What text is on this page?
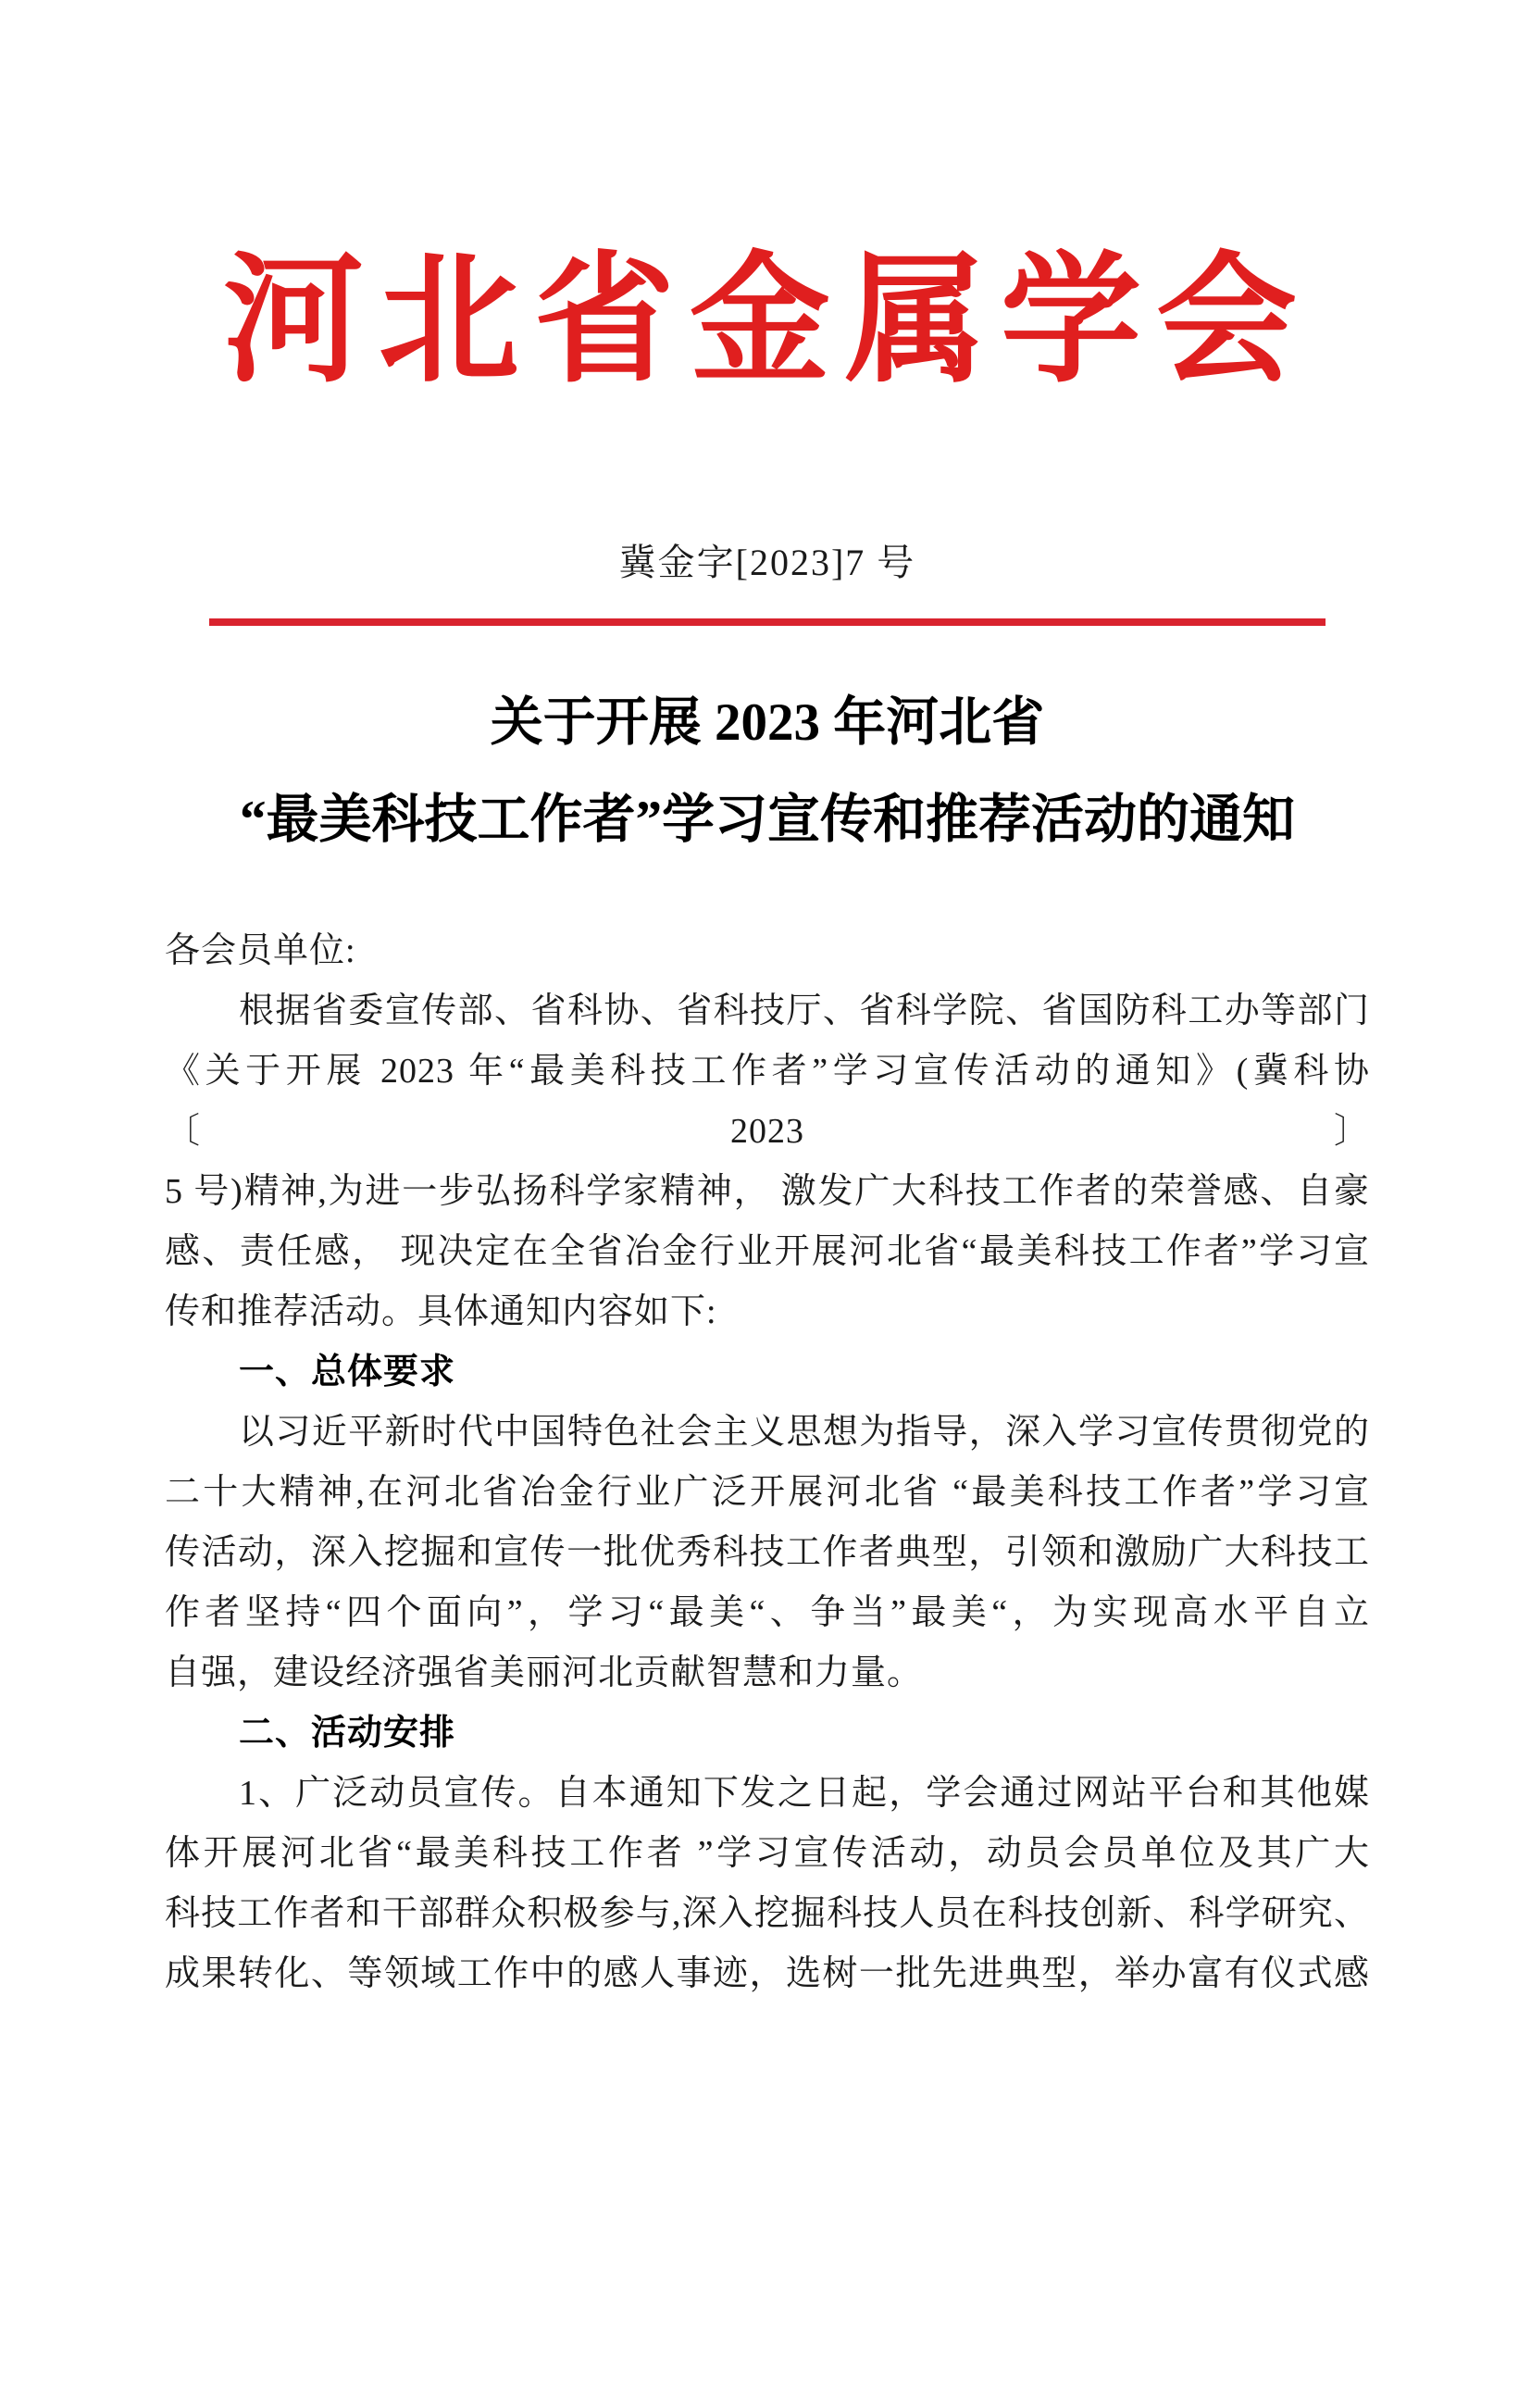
河北省金属学会
冀金字[2023]7 号
关于开展 2023 年河北省
“最美科技工作者”学习宣传和推荐活动的通知
各会员单位:
根据省委宣传部、省科协、省科技厅、省科学院、省国防科工办等部门
《关于开展 2023 年“最美科技工作者”学习宣传活动的通知》(冀科协〔2023〕
5 号)精神,为进一步弘扬科学家精神， 激发广大科技工作者的荣誉感、自豪
感、责任感， 现决定在全省冶金行业开展河北省“最美科技工作者”学习宣
传和推荐活动。具体通知内容如下:
一、总体要求
以习近平新时代中国特色社会主义思想为指导，深入学习宣传贯彻党的
二十大精神,在河北省冶金行业广泛开展河北省 “最美科技工作者”学习宣
传活动，深入挖掘和宣传一批优秀科技工作者典型，引领和激励广大科技工
作者坚持“四个面向”，学习“最美“、争当”最美“，为实现高水平自立
自强，建设经济强省美丽河北贡献智慧和力量。
二、活动安排
1、广泛动员宣传。自本通知下发之日起，学会通过网站平台和其他媒
体开展河北省“最美科技工作者 ”学习宣传活动，动员会员单位及其广大
科技工作者和干部群众积极参与,深入挖掘科技人员在科技创新、科学研究、
成果转化、等领域工作中的感人事迹，选树一批先进典型，举办富有仪式感
